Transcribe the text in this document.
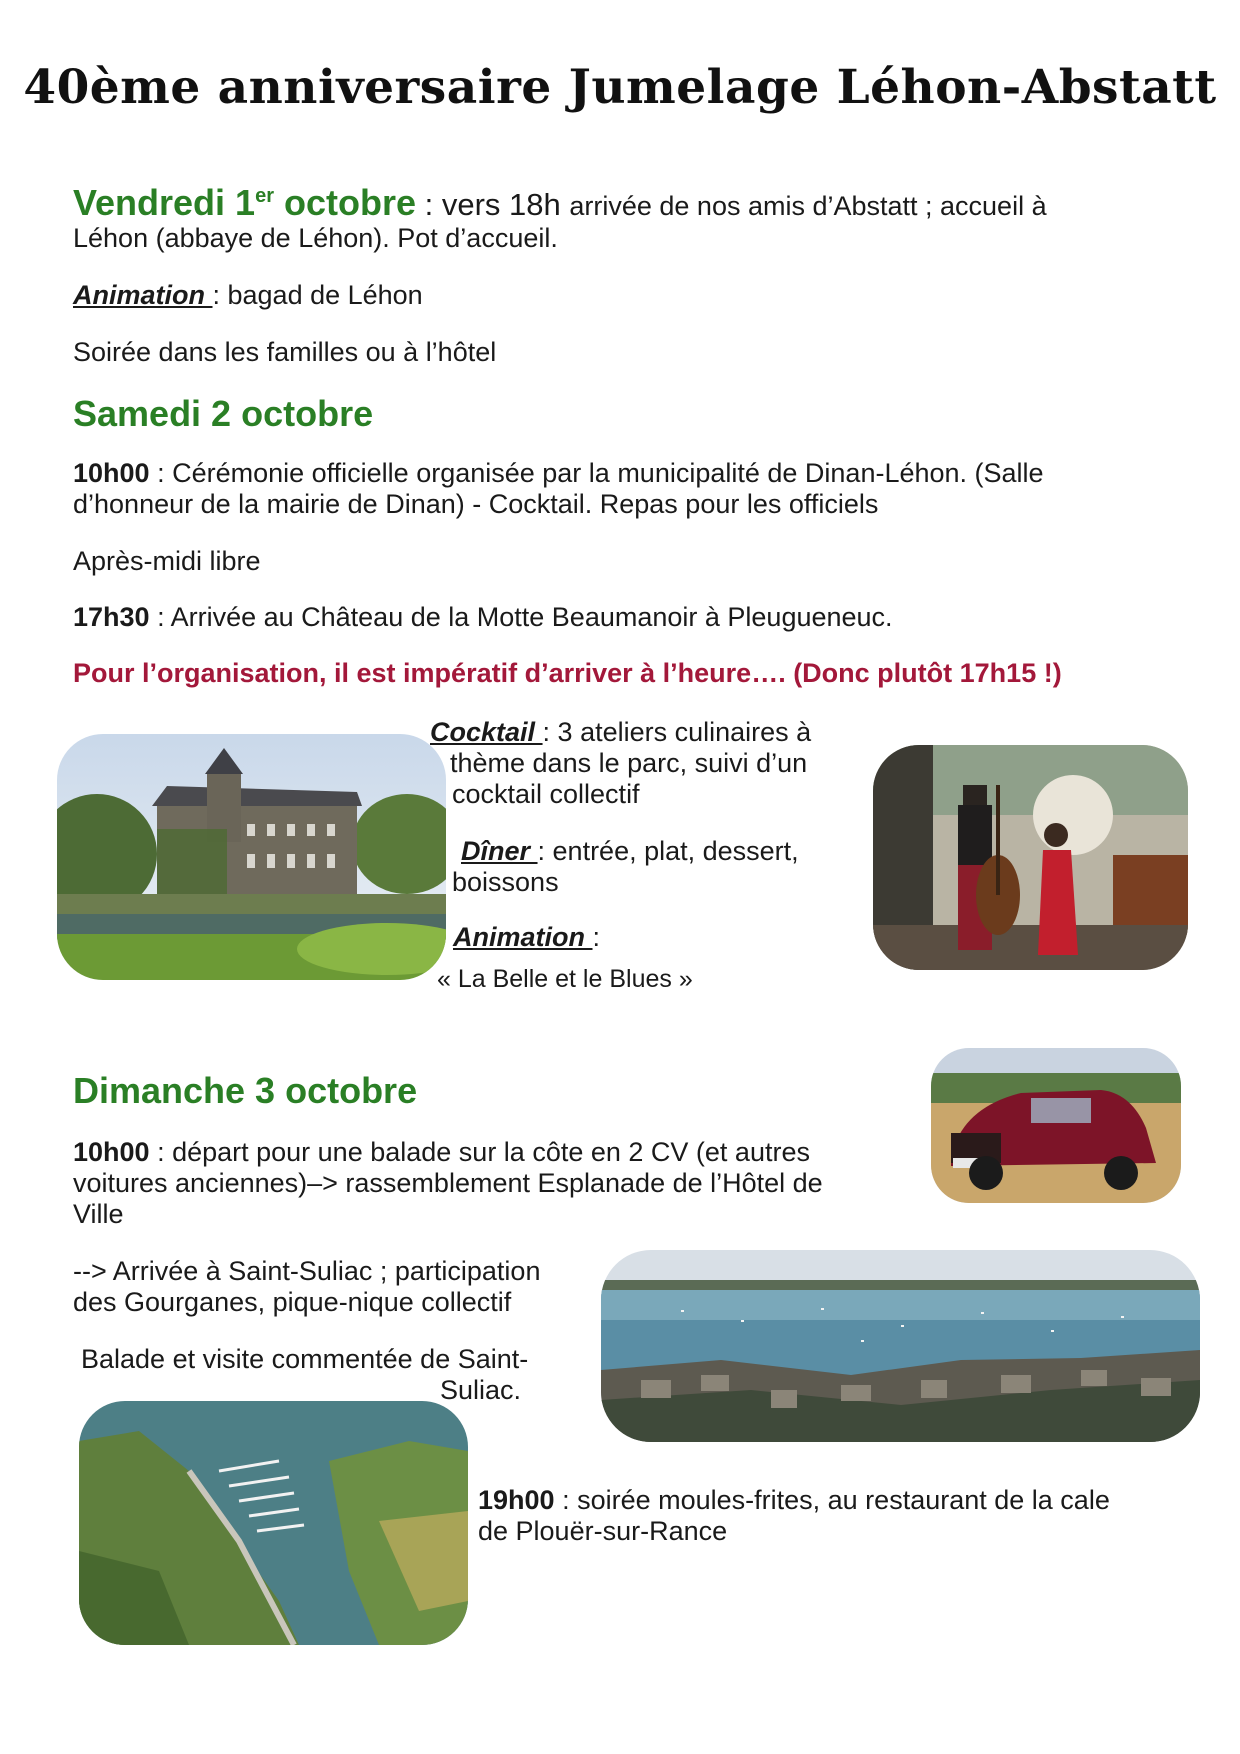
40ème anniversaire Jumelage Léhon-Abstatt
Vendredi 1er octobre : vers 18h arrivée de nos amis d’Abstatt ; accueil à
Léhon (abbaye de Léhon). Pot d’accueil.
Animation : bagad de Léhon
Soirée dans les familles ou à l’hôtel
Samedi 2 octobre
10h00 : Cérémonie officielle organisée par la municipalité de Dinan-Léhon. (Salle
d’honneur de la mairie de Dinan) - Cocktail. Repas pour les officiels
Après-midi libre
17h30 : Arrivée au Château de la Motte Beaumanoir à Pleugueneuc.
Pour l’organisation, il est impératif d’arriver à l’heure…. (Donc plutôt 17h15 !)
Cocktail : 3 ateliers culinaires à
thème dans le parc, suivi d’un
cocktail collectif
Dîner : entrée, plat, dessert,
boissons
Animation :
« La Belle et le Blues »
Dimanche 3 octobre
10h00 : départ pour une balade sur la côte en 2 CV (et autres
voitures anciennes)–> rassemblement Esplanade de l’Hôtel de
Ville
--> Arrivée à Saint-Suliac ; participation
des Gourganes, pique-nique collectif
Balade et visite commentée de Saint-
Suliac.
19h00 : soirée moules-frites, au restaurant de la cale
de Plouër-sur-Rance
